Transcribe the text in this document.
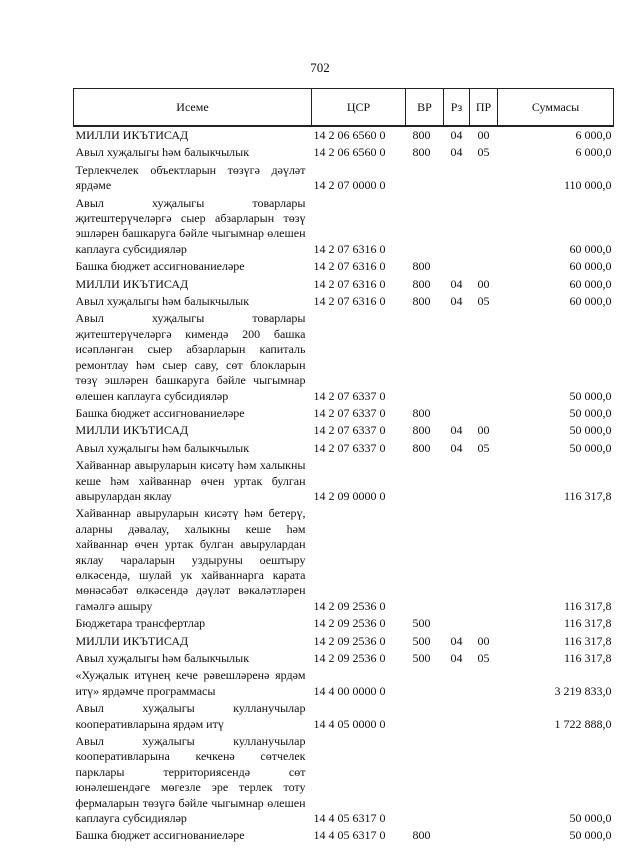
702
Исеме	ЦСР	ВР	Рз	ПР	Суммасы
МИЛЛИ ИКЪТИСАД	14 2 06 6560 0	800	04	00	6 000,0
Авыл хуҗалыгы һәм балыкчылык	14 2 06 6560 0	800	04	05	6 000,0
Терлекчелек объектларын төзүгә дәүләт ярдәме	14 2 07 0000 0				110 000,0
Авыл хуҗалыгы товарлары җитештерүчеләргә сыер абзарларын төзү эшләрен башкаруга бәйле чыгымнар өлешен каплауга субсидияләр	14 2 07 6316 0				60 000,0
Башка бюджет ассигнованиеләре	14 2 07 6316 0	800			60 000,0
МИЛЛИ ИКЪТИСАД	14 2 07 6316 0	800	04	00	60 000,0
Авыл хуҗалыгы һәм балыкчылык	14 2 07 6316 0	800	04	05	60 000,0
Авыл хуҗалыгы товарлары җитештерүчеләргә кимендә 200 башка исәпләнгән сыер абзарларын капиталь ремонтлау һәм сыер саву, сөт блокларын төзү эшләрен башкаруга бәйле чыгымнар өлешен каплауга субсидияләр	14 2 07 6337 0				50 000,0
Башка бюджет ассигнованиеләре	14 2 07 6337 0	800			50 000,0
МИЛЛИ ИКЪТИСАД	14 2 07 6337 0	800	04	00	50 000,0
Авыл хуҗалыгы һәм балыкчылык	14 2 07 6337 0	800	04	05	50 000,0
Хайваннар авыруларын кисәтү һәм халыкны кеше һәм хайваннар өчен уртак булган авырулардан яклау	14 2 09 0000 0				116 317,8
Хайваннар авыруларын кисәтү һәм бетерү, аларны дәвалау, халыкны кеше һәм хайваннар өчен уртак булган авырулардан яклау чараларын уздыруны оештыру өлкәсендә, шулай ук хайваннарга карата мөнәсәбәт өлкәсендә дәүләт вәкаләтләрен гамәлгә ашыру	14 2 09 2536 0				116 317,8
Бюджетара трансфертлар	14 2 09 2536 0	500			116 317,8
МИЛЛИ ИКЪТИСАД	14 2 09 2536 0	500	04	00	116 317,8
Авыл хуҗалыгы һәм балыкчылык	14 2 09 2536 0	500	04	05	116 317,8
«Хуҗалык итүнең кече рәвешләренә ярдәм итү» ярдәмче программасы	14 4 00 0000 0				3 219 833,0
Авыл хуҗалыгы кулланучылар кооперативларына ярдәм итү	14 4 05 0000 0				1 722 888,0
Авыл хуҗалыгы кулланучылар кооперативларына кечкенә сөтчелек парклары территориясендә сөт юнәлешендәге мөгезле эре терлек тоту фермаларын төзүгә бәйле чыгымнар өлешен каплауга субсидияләр	14 4 05 6317 0				50 000,0
Башка бюджет ассигнованиеләре	14 4 05 6317 0	800			50 000,0
